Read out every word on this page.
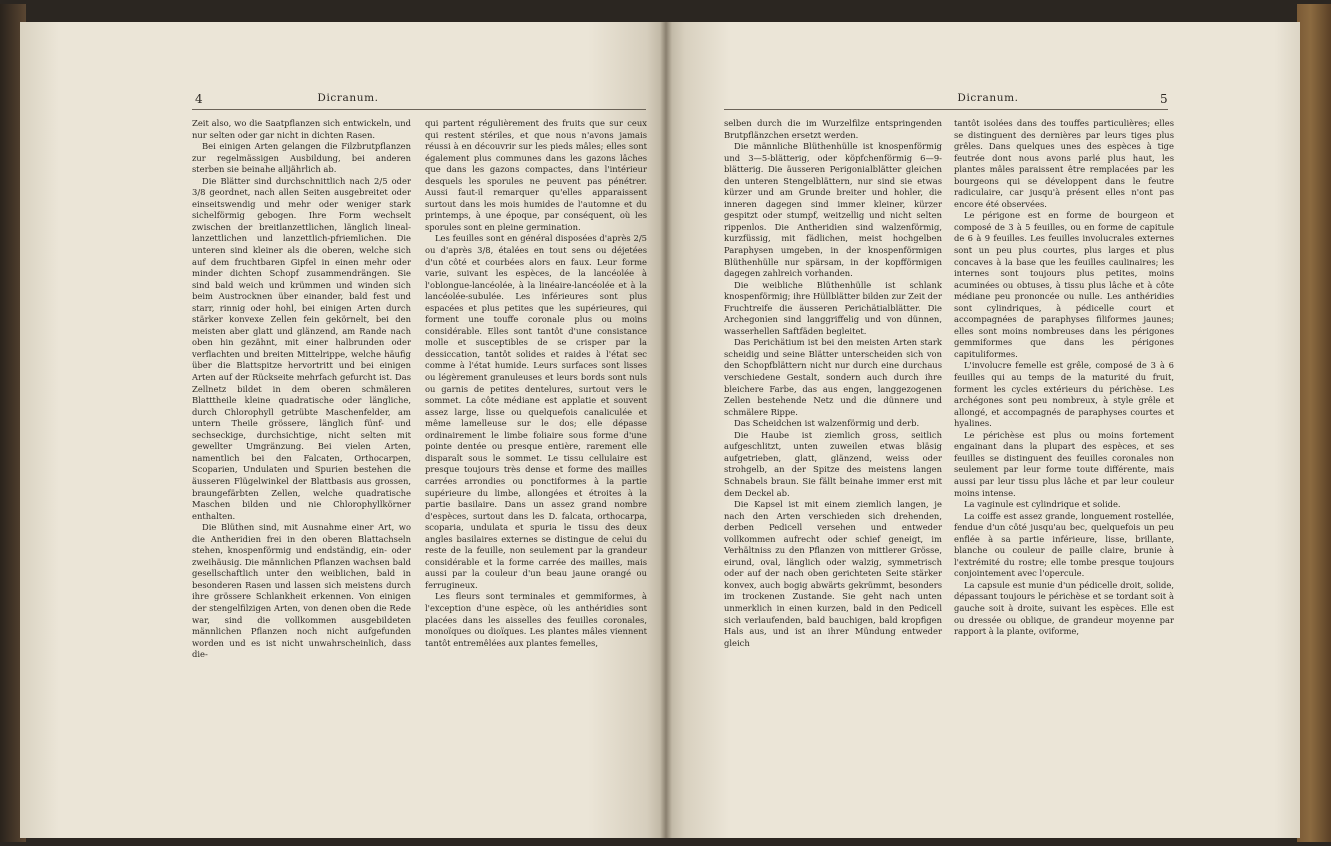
4	Dicranum.

Zeit also, wo die Saatpflanzen sich entwickeln, und nur selten oder gar nicht in dichten Rasen.

Bei einigen Arten gelangen die Filzbrutpflanzen zur regelmässigen Ausbildung, bei anderen sterben sie beinahe alljährlich ab.

Die Blätter sind durchschnittlich nach 2/5 oder 3/8 geordnet, nach allen Seiten ausgebreitet oder einseitswendig und mehr oder weniger stark sichelförmig gebogen. Ihre Form wechselt zwischen der breitlanzettlichen, länglich lineal-lanzettlichen und lanzettlich-pfriemlichen. Die unteren sind kleiner als die oberen, welche sich auf dem fruchtbaren Gipfel in einen mehr oder minder dichten Schopf zusammendrängen. Sie sind bald weich und krümmen und winden sich beim Austrocknen über einander, bald fest und starr, rinnig oder hohl, bei einigen Arten durch stärker konvexe Zellen fein gekörnelt, bei den meisten aber glatt und glänzend, am Rande nach oben hin gezähnt, mit einer halbrunden oder verflachten und breiten Mittelrippe, welche häufig über die Blattspitze hervortritt und bei einigen Arten auf der Rückseite mehrfach gefurcht ist. Das Zellnetz bildet in dem oberen schmäleren Blatttheile kleine quadratische oder längliche, durch Chlorophyll getrübte Maschenfelder, am untern Theile grössere, länglich fünf- und sechseckige, durchsichtige, nicht selten mit gewellter Umgränzung. Bei vielen Arten, namentlich bei den Falcaten, Orthocarpen, Scoparien, Undulaten und Spurien bestehen die äusseren Flügelwinkel der Blattbasis aus grossen, braungefärbten Zellen, welche quadratische Maschen bilden und nie Chlorophyllkörner enthalten.

Die Blüthen sind, mit Ausnahme einer Art, wo die Antheridien frei in den oberen Blattachseln stehen, knospenförmig und endständig, ein- oder zweihäusig. Die männlichen Pflanzen wachsen bald gesellschaftlich unter den weiblichen, bald in besonderen Rasen und lassen sich meistens durch ihre grössere Schlankheit erkennen. Von einigen der stengelfilzigen Arten, von denen oben die Rede war, sind die vollkommen ausgebildeten männlichen Pflanzen noch nicht aufgefunden worden und es ist nicht unwahrscheinlich, dass die-

qui partent régulièrement des fruits que sur ceux qui restent stériles, et que nous n'avons jamais réussi à en découvrir sur les pieds mâles; elles sont également plus communes dans les gazons lâches que dans les gazons compactes, dans l'intérieur desquels les sporules ne peuvent pas pénétrer. Aussi faut-il remarquer qu'elles apparaissent surtout dans les mois humides de l'automne et du printemps, à une époque, par conséquent, où les sporules sont en pleine germination.

Les feuilles sont en général disposées d'après 2/5 ou d'après 3/8, étalées en tout sens ou déjetées d'un côté et courbées alors en faux. Leur forme varie, suivant les espèces, de la lancéolée à l'oblongue-lancéolée, à la linéaire-lancéolée et à la lancéolée-subulée. Les inférieures sont plus espacées et plus petites que les supérieures, qui forment une touffe coronale plus ou moins considérable. Elles sont tantôt d'une consistance molle et susceptibles de se crisper par la dessiccation, tantôt solides et raides à l'état sec comme à l'état humide. Leurs surfaces sont lisses ou légèrement granuleuses et leurs bords sont nuls ou garnis de petites dentelures, surtout vers le sommet. La côte médiane est applatie et souvent assez large, lisse ou quelquefois canaliculée et même lamelleuse sur le dos; elle dépasse ordinairement le limbe foliaire sous forme d'une pointe dentée ou presque entière, rarement elle disparaît sous le sommet. Le tissu cellulaire est presque toujours très dense et forme des mailles carrées arrondies ou ponctiformes à la partie supérieure du limbe, allongées et étroites à la partie basilaire. Dans un assez grand nombre d'espèces, surtout dans les D. falcata, orthocarpa, scoparia, undulata et spuria le tissu des deux angles basilaires externes se distingue de celui du reste de la feuille, non seulement par la grandeur considérable et la forme carrée des mailles, mais aussi par la couleur d'un beau jaune orangé ou ferrugineux.

Les fleurs sont terminales et gemmiformes, à l'exception d'une espèce, où les anthéridies sont placées dans les aisselles des feuilles coronales, monoïques ou dioïques. Les plantes mâles viennent tantôt entremêlées aux plantes femelles,

Dicranum.	5

selben durch die im Wurzelfilze entspringenden Brutpflänzchen ersetzt werden.

Die männliche Blüthenhülle ist knospenförmig und 3—5-blätterig, oder köpfchenförmig 6—9-blätterig. Die äusseren Perigonialblätter gleichen den unteren Stengelblättern, nur sind sie etwas kürzer und am Grunde breiter und hohler, die inneren dagegen sind immer kleiner, kürzer gespitzt oder stumpf, weitzellig und nicht selten rippenlos. Die Antheridien sind walzenförmig, kurzfüssig, mit fädlichen, meist hochgelben Paraphysen umgeben, in der knospenförmigen Blüthenhülle nur spärsam, in der kopfförmigen dagegen zahlreich vorhanden.

Die weibliche Blüthenhülle ist schlank knospenförmig; ihre Hüllblätter bilden zur Zeit der Fruchtreife die äusseren Perichätialblätter. Die Archegonien sind langgriffelig und von dünnen, wasserhellen Saftfäden begleitet.

Das Perichätium ist bei den meisten Arten stark scheidig und seine Blätter unterscheiden sich von den Schopfblättern nicht nur durch eine durchaus verschiedene Gestalt, sondern auch durch ihre bleichere Farbe, das aus engen, langgezogenen Zellen bestehende Netz und die dünnere und schmälere Rippe.

Das Scheidchen ist walzenförmig und derb.

Die Haube ist ziemlich gross, seitlich aufgeschlitzt, unten zuweilen etwas bläsig aufgetrieben, glatt, glänzend, weiss oder strohgelb, an der Spitze des meistens langen Schnabels braun. Sie fällt beinahe immer erst mit dem Deckel ab.

Die Kapsel ist mit einem ziemlich langen, je nach den Arten verschieden sich drehenden, derben Pedicell versehen und entweder vollkommen aufrecht oder schief geneigt, im Verhältniss zu den Pflanzen von mittlerer Grösse, eirund, oval, länglich oder walzig, symmetrisch oder auf der nach oben gerichteten Seite stärker konvex, auch bogig abwärts gekrümmt, besonders im trockenen Zustande. Sie geht nach unten unmerklich in einen kurzen, bald in den Pedicell sich verlaufenden, bald bauchigen, bald kropfigen Hals aus, und ist an ihrer Mündung entweder gleich

tantôt isolées dans des touffes particulières; elles se distinguent des dernières par leurs tiges plus grêles. Dans quelques unes des espèces à tige feutrée dont nous avons parlé plus haut, les plantes mâles paraissent être remplacées par les bourgeons qui se développent dans le feutre radiculaire, car jusqu'à présent elles n'ont pas encore été observées.

Le périgone est en forme de bourgeon et composé de 3 à 5 feuilles, ou en forme de capitule de 6 à 9 feuilles. Les feuilles involucrales externes sont un peu plus courtes, plus larges et plus concaves à la base que les feuilles caulinaires; les internes sont toujours plus petites, moins acuminées ou obtuses, à tissu plus lâche et à côte médiane peu prononcée ou nulle. Les anthéridies sont cylindriques, à pédicelle court et accompagnées de paraphyses filiformes jaunes; elles sont moins nombreuses dans les périgones gemmiformes que dans les périgones capituliformes.

L'involucre femelle est grêle, composé de 3 à 6 feuilles qui au temps de la maturité du fruit, forment les cycles extérieurs du périchèse. Les archégones sont peu nombreux, à style grêle et allongé, et accompagnés de paraphyses courtes et hyalines.

Le périchèse est plus ou moins fortement engainant dans la plupart des espèces, et ses feuilles se distinguent des feuilles coronales non seulement par leur forme toute différente, mais aussi par leur tissu plus lâche et par leur couleur moins intense.

La vaginule est cylindrique et solide.

La coiffe est assez grande, longuement rostellée, fendue d'un côté jusqu'au bec, quelquefois un peu enflée à sa partie inférieure, lisse, brillante, blanche ou couleur de paille claire, brunie à l'extrémité du rostre; elle tombe presque toujours conjointement avec l'opercule.

La capsule est munie d'un pédicelle droit, solide, dépassant toujours le périchèse et se tordant soit à gauche soit à droite, suivant les espèces. Elle est ou dressée ou oblique, de grandeur moyenne par rapport à la plante, oviforme,
